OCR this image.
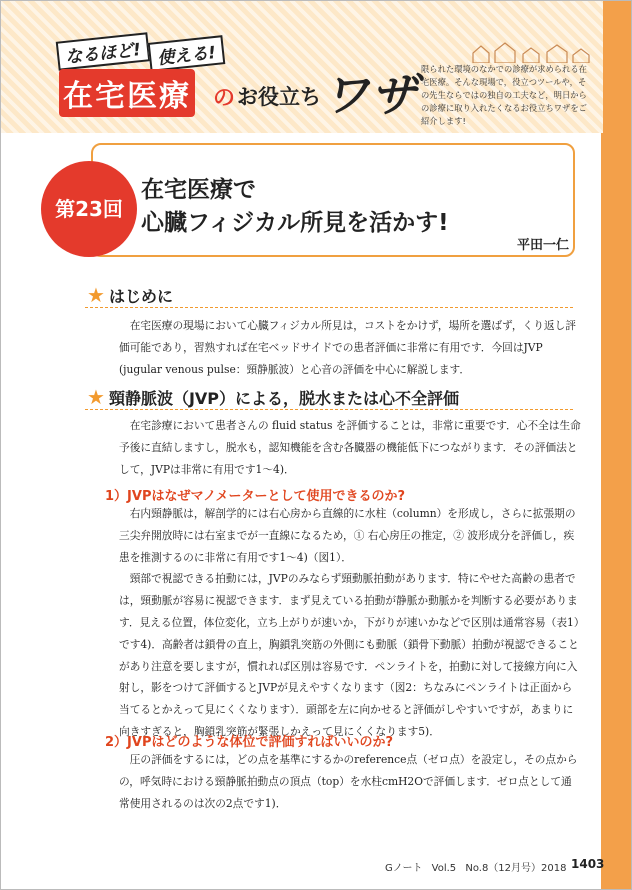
なるほど! 使える!
在宅医療 の お役立ち ワザ 限られた環境のなかでの診療が求められる在宅医療。そんな現場で，役立つツールや，その先生ならではの独自の工夫など，明日からの診療に取り入れたくなるお役立ちワザをご紹介します!
第23回
在宅医療で
心臓フィジカル所見を活かす!
平田一仁
★ はじめに

在宅医療の現場において心臓フィジカル所見は，コストをかけず，場所を選ばず，くり返し評価可能であり，習熟すれば在宅ベッドサイドでの患者評価に非常に有用です．今回はJVP (jugular venous pulse：頸静脈波）と心音の評価を中心に解説します．

★ 頸静脈波（JVP）による，脱水または心不全評価

在宅診療において患者さんの fluid status を評価することは，非常に重要です．心不全は生命予後に直結しますし，脱水も，認知機能を含む各臓器の機能低下につながります．その評価法として，JVPは非常に有用です1〜4)．

1）JVPはなぜマノメーターとして使用できるのか?

右内頸静脈は，解剖学的には右心房から直線的に水柱（column）を形成し，さらに拡張期の三尖弁開放時には右室までが一直線になるため，① 右心房圧の推定，② 波形成分を評価し，疾患を推測するのに非常に有用です1〜4)（図1）．

頸部で視認できる拍動には，JVPのみならず頸動脈拍動があります．特にやせた高齢の患者では，頸動脈が容易に視認できます．まず見えている拍動が静脈か動脈かを判断する必要があります．見える位置，体位変化，立ち上がりが速いか，下がりが速いかなどで区別は通常容易（表1）です4)．高齢者は鎖骨の直上，胸鎖乳突筋の外側にも動脈（鎖骨下動脈）拍動が視認できることがあり注意を要しますが，慣れれば区別は容易です．ペンライトを，拍動に対して接線方向に入射し，影をつけて評価するとJVPが見えやすくなります（図2：ちなみにペンライトは正面から当てるとかえって見にくくなります）．頭部を左に向かせると評価がしやすいですが，あまりに向きすぎると，胸鎖乳突筋が緊張しかえって見にくくなります5)．

2）JVPはどのような体位で評価すればいいのか?

圧の評価をするには，どの点を基準にするかのreference点（ゼロ点）を設定し，その点からの，呼気時における頸静脈拍動点の頂点（top）を水柱cmH2Oで評価します．ゼロ点として通常使用されるのは次の2点です1)．

Gノート Vol.5 No.8（12月号）2018 1403
